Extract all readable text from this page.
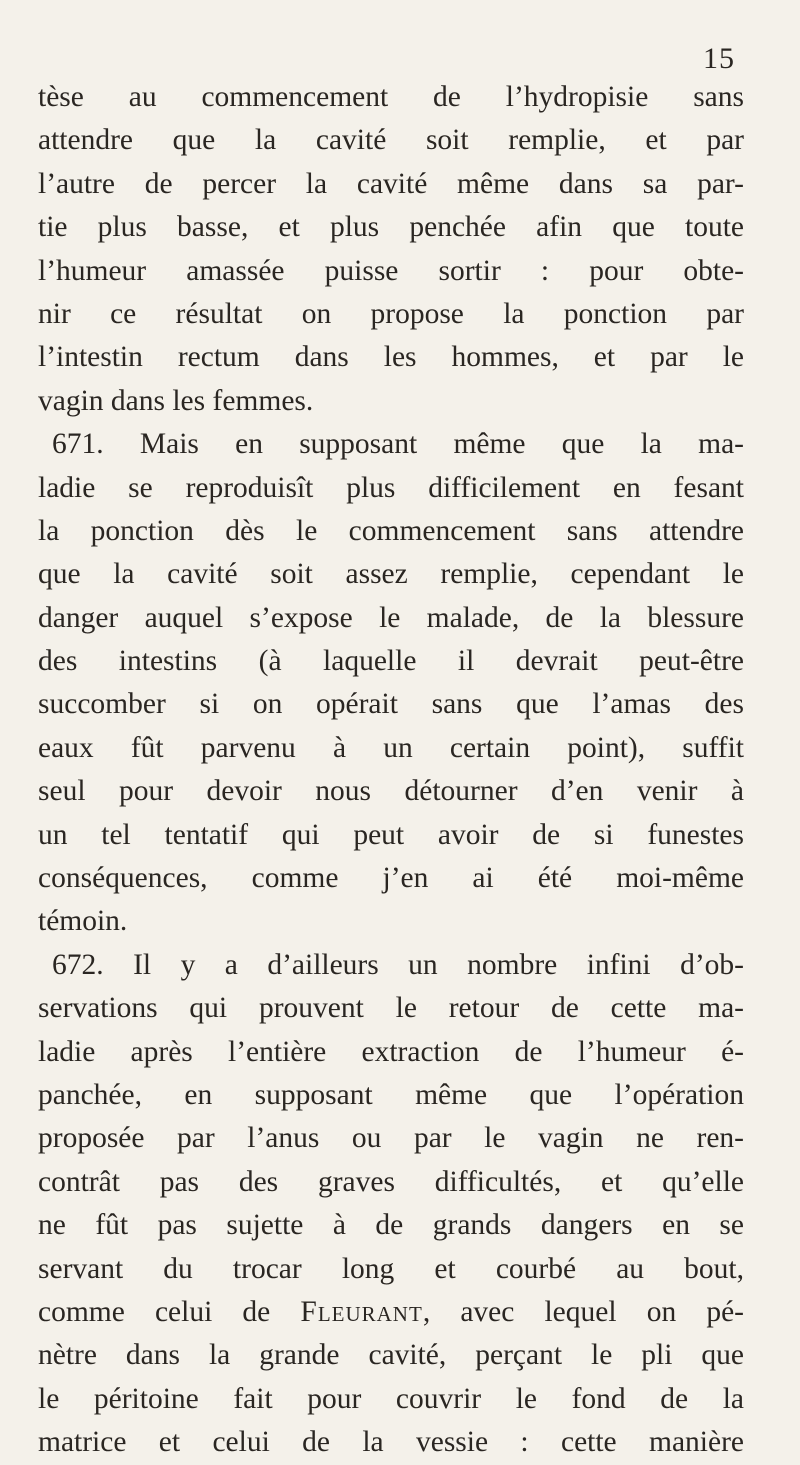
15
tèse au commencement de l’hydropisie sans
attendre que la cavité soit remplie, et par
l’autre de percer la cavité même dans sa par-
tie plus basse, et plus penchée afin que toute
l’humeur amassée puisse sortir : pour obte-
nir ce résultat on propose la ponction par
l’intestin rectum dans les hommes, et par le
vagin dans les femmes.
671. Mais en supposant même que la ma-
ladie se reproduisît plus difficilement en fesant
la ponction dès le commencement sans attendre
que la cavité soit assez remplie, cependant le
danger auquel s’expose le malade, de la blessure
des intestins (à laquelle il devrait peut-être
succomber si on opérait sans que l’amas des
eaux fût parvenu à un certain point), suffit
seul pour devoir nous détourner d’en venir à
un tel tentatif qui peut avoir de si funestes
conséquences, comme j’en ai été moi-même
témoin.
672. Il y a d’ailleurs un nombre infini d’ob-
servations qui prouvent le retour de cette ma-
ladie après l’entière extraction de l’humeur é-
panchée, en supposant même que l’opération
proposée par l’anus ou par le vagin ne ren-
contrât pas des graves difficultés, et qu’elle
ne fût pas sujette à de grands dangers en se
servant du trocar long et courbé au bout,
comme celui de Fleurant, avec lequel on pé-
nètre dans la grande cavité, perçant le pli que
le péritoine fait pour couvrir le fond de la
matrice et celui de la vessie : cette manière
